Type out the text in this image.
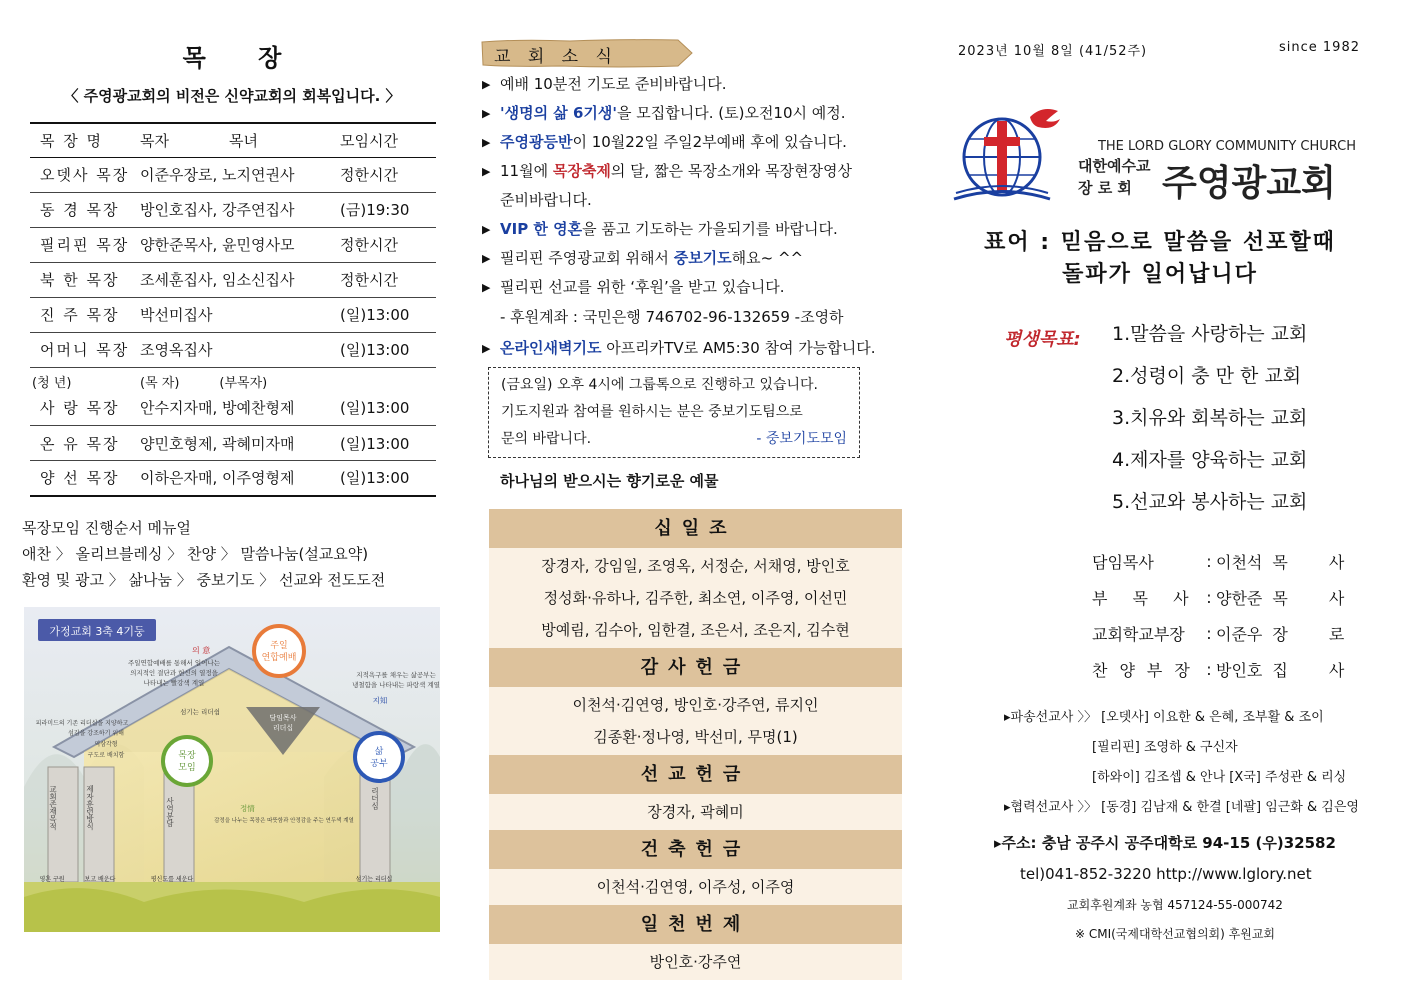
목 장
〈 주영광교회의 비전은 신약교회의 회복입니다. 〉
목 장 명	목자 목녀	모임시간
오뎃사 목장	이준우장로, 노지연권사	정한시간
동 경 목장	방인호집사, 강주연집사	(금)19:30
필리핀 목장	양한준목사, 윤민영사모	정한시간
북 한 목장	조세훈집사, 임소신집사	정한시간
진 주 목장	박선미집사	(일)13:00
어머니 목장	조영옥집사	(일)13:00
(청 년)	(목 자) (부목자)	
사 랑 목장	안수지자매, 방예찬형제	(일)13:00
온 유 목장	양민호형제, 곽혜미자매	(일)13:00
양 선 목장	이하은자매, 이주영형제	(일)13:00
목장모임 진행순서 메뉴얼
애찬 〉 올리브블레싱 〉 찬양 〉 말씀나눔(설교요약)
환영 및 광고 〉 삶나눔 〉 중보기도 〉 선교와 전도도전
가정교회 3축 4기둥
주일연합예배를 통해서 일어나는
의지적인 결단과 헌신의 열정을
나타내는 빨강색 계열
의 意
지적욕구를 채우는 삶공부는
냉철함을 나타내는 파랑색 계열
지知
피라미드의 기존 리더십을 지양하고
섬김을 강조하기 위해
역삼각형
구도로 배치함
섬기는 리더쉽
주일
연합예배
목장
모임
삶
공부
담임목사
리더십
정情
감정을 나누는 목장은 따뜻함과 안정감을 주는 연두색 계열
교회존재목적	제자훈련방식	사역분담	리더십
영혼 구원	보고 배운다	평신도를 세운다	섬기는 리더십
교 회 소 식
▶ 예배 10분전 기도로 준비바랍니다.
▶ '생명의 삶 6기생'을 모집합니다. (토)오전10시 예정.
▶ 주영광등반이 10월22일 주일2부예배 후에 있습니다.
▶ 11월에 목장축제의 달, 짧은 목장소개와 목장현장영상
준비바랍니다.
▶ VIP 한 영혼을 품고 기도하는 가을되기를 바랍니다.
▶ 필리핀 주영광교회 위해서 중보기도해요~ ^^
▶ 필리핀 선교를 위한 ‘후원’을 받고 있습니다.
- 후원계좌 : 국민은행 746702-96-132659 -조영하
▶ 온라인새벽기도 아프리카TV로 AM5:30 참여 가능합니다.
(금요일) 오후 4시에 그룹톡으로 진행하고 있습니다.
기도지원과 참여를 원하시는 분은 중보기도팀으로
문의 바랍니다.	- 중보기도모임
하나님의 받으시는 향기로운 예물
십일조
장경자, 강임일, 조영옥, 서정순, 서채영, 방인호
정성화·유하나, 김주한, 최소연, 이주영, 이선민
방예림, 김수아, 임한결, 조은서, 조은지, 김수현
감사헌금
이천석·김연영, 방인호·강주연, 류지인
김종환·정나영, 박선미, 무명(1)
선교헌금
장경자, 곽혜미
건축헌금
이천석·김연영, 이주성, 이주영
일천번제
방인호·강주연
2023년 10월 8일 (41/52주)	since 1982
THE LORD GLORY COMMUNITY CHURCH
대한예수교
장 로 회 주영광교회
표어 : 믿음으로 말씀을 선포할때
돌파가 일어납니다
평생목표: 1.말씀을 사랑하는 교회
2.성령이 충 만 한 교회
3.치유와 회복하는 교회
4.제자를 양육하는 교회
5.선교와 봉사하는 교회
담임목사	: 이천석 목 사
부 목 사 : 양한준 목 사
교회학교부장	: 이준우 장 로
찬양부장 : 방인호 집 사
▸파송선교사 〉〉 [오뎃사] 이요한 & 은혜, 조부활 & 조이
[필리핀] 조영하 & 구신자
[하와이] 김조셉 & 안나 [X국] 주성관 & 리싱
▸협력선교사 〉〉 [동경] 김남재 & 한결 [네팔] 임근화 & 김은영
▸주소: 충남 공주시 공주대학로 94-15 (우)32582
tel)041-852-3220 http://www.lglory.net
교회후원계좌 농협 457124-55-000742
※ CMI(국제대학선교협의회) 후원교회
